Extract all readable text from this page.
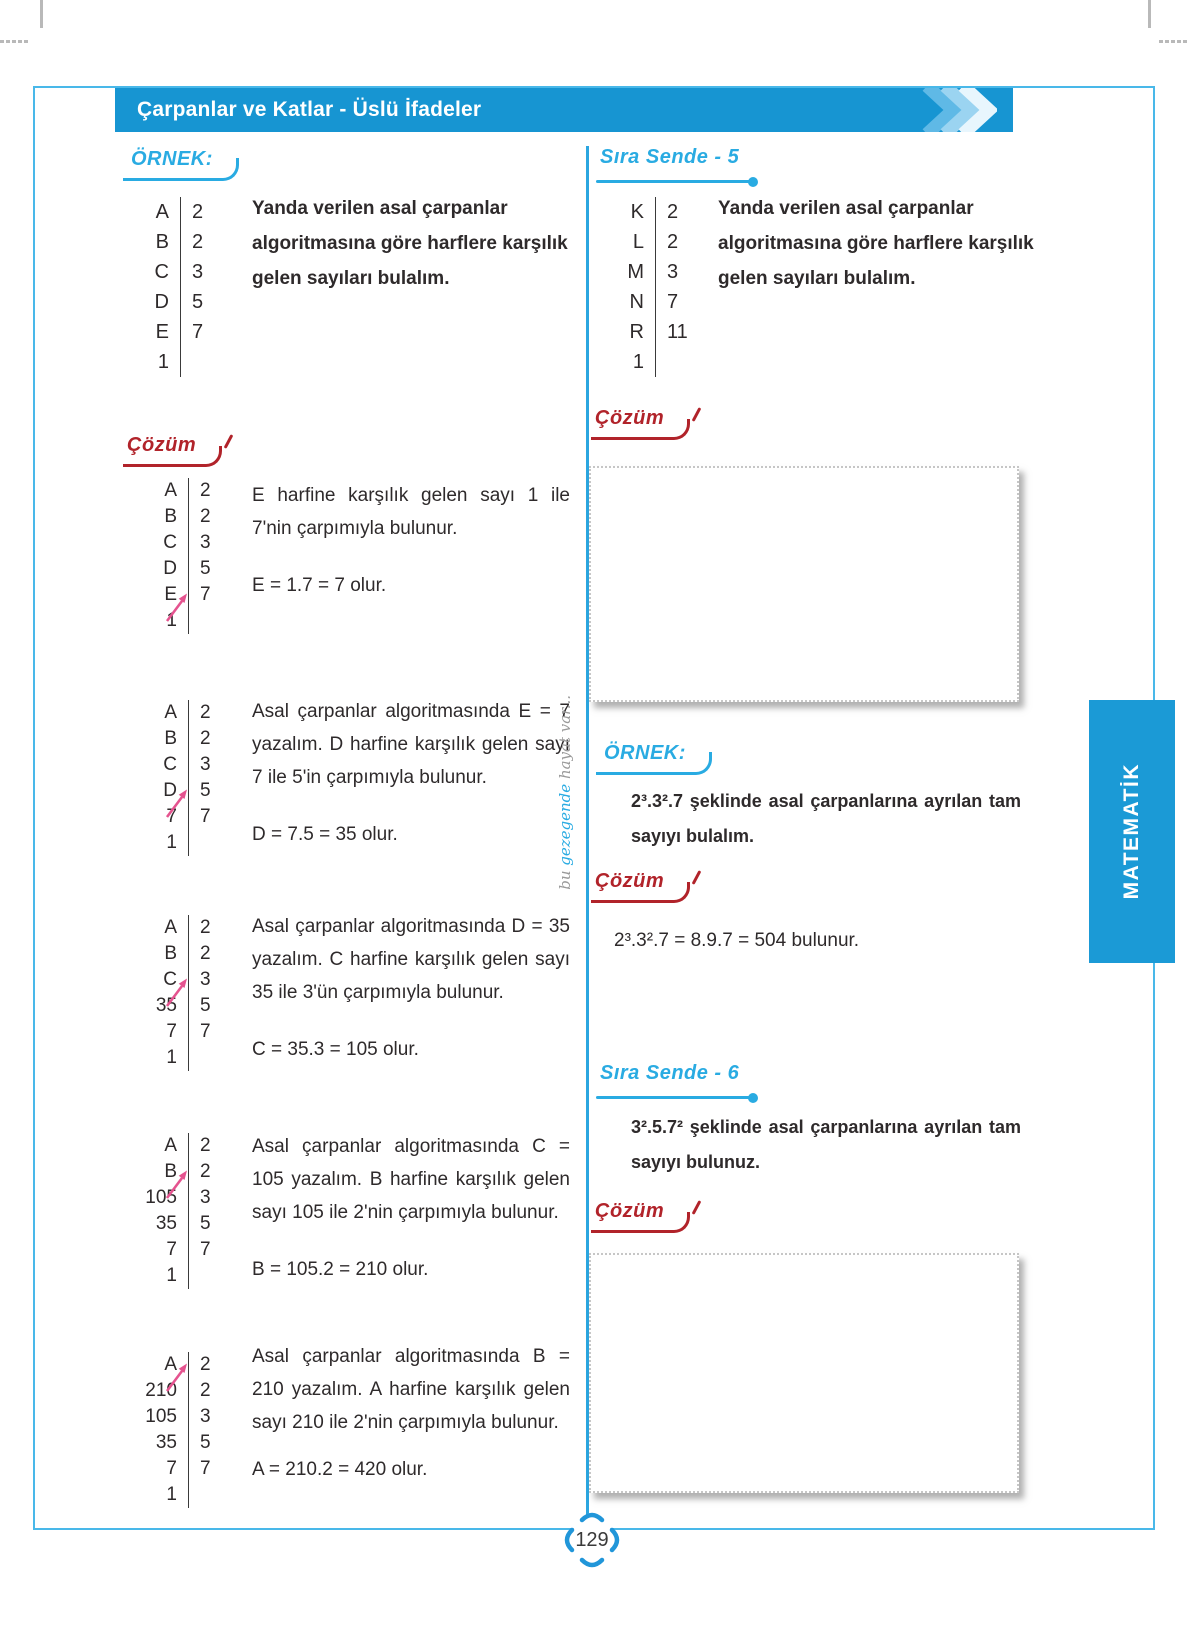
Çarpanlar ve Katlar - Üslü İfadeler
ÖRNEK:
A	2
B	2
C	3
D	5
E	7
1
Yanda verilen asal çarpanlar algoritmasına göre harflere karşılık gelen sayıları bulalım.
Çözüm
A	2
B	2
C	3
D	5
E	7
1
E harfine karşılık gelen sayı 1 ile 7'nin çarpımıyla bulunur.
E = 1.7 = 7 olur.
A	2
B	2
C	3
D	5
7	7
1
Asal çarpanlar algoritmasında E = 7 yazalım. D harfine karşılık gelen sayı 7 ile 5'in çarpımıyla bulunur.
D = 7.5 = 35 olur.
A	2
B	2
C	3
35	5
7	7
1
Asal çarpanlar algoritmasında D = 35 yazalım. C harfine karşılık gelen sayı 35 ile 3'ün çarpımıyla bulunur.
C = 35.3 = 105 olur.
A	2
B	2
105	3
35	5
7	7
1
Asal çarpanlar algoritmasında C = 105 yazalım. B harfine karşılık gelen sayı 105 ile 2'nin çarpımıyla bulunur.
B = 105.2 = 210 olur.
A	2
210	2
105	3
35	5
7	7
1
Asal çarpanlar algoritmasında B = 210 yazalım. A harfine karşılık gelen sayı 210 ile 2'nin çarpımıyla bulunur.
A = 210.2 = 420 olur.
Sıra Sende - 5
K	2
L	2
M	3
N	7
R	11
1
Yanda verilen asal çarpanlar algoritmasına göre harflere karşılık gelen sayıları bulalım.
Çözüm
ÖRNEK:
2³.3².7 şeklinde asal çarpanlarına ayrılan tam sayıyı bulalım.
Çözüm
2³.3².7 = 8.9.7 = 504 bulunur.
Sıra Sende - 6
3².5.7² şeklinde asal çarpanlarına ayrılan tam sayıyı bulunuz.
Çözüm
bu gezegende hayat var...
MATEMATİK
129
